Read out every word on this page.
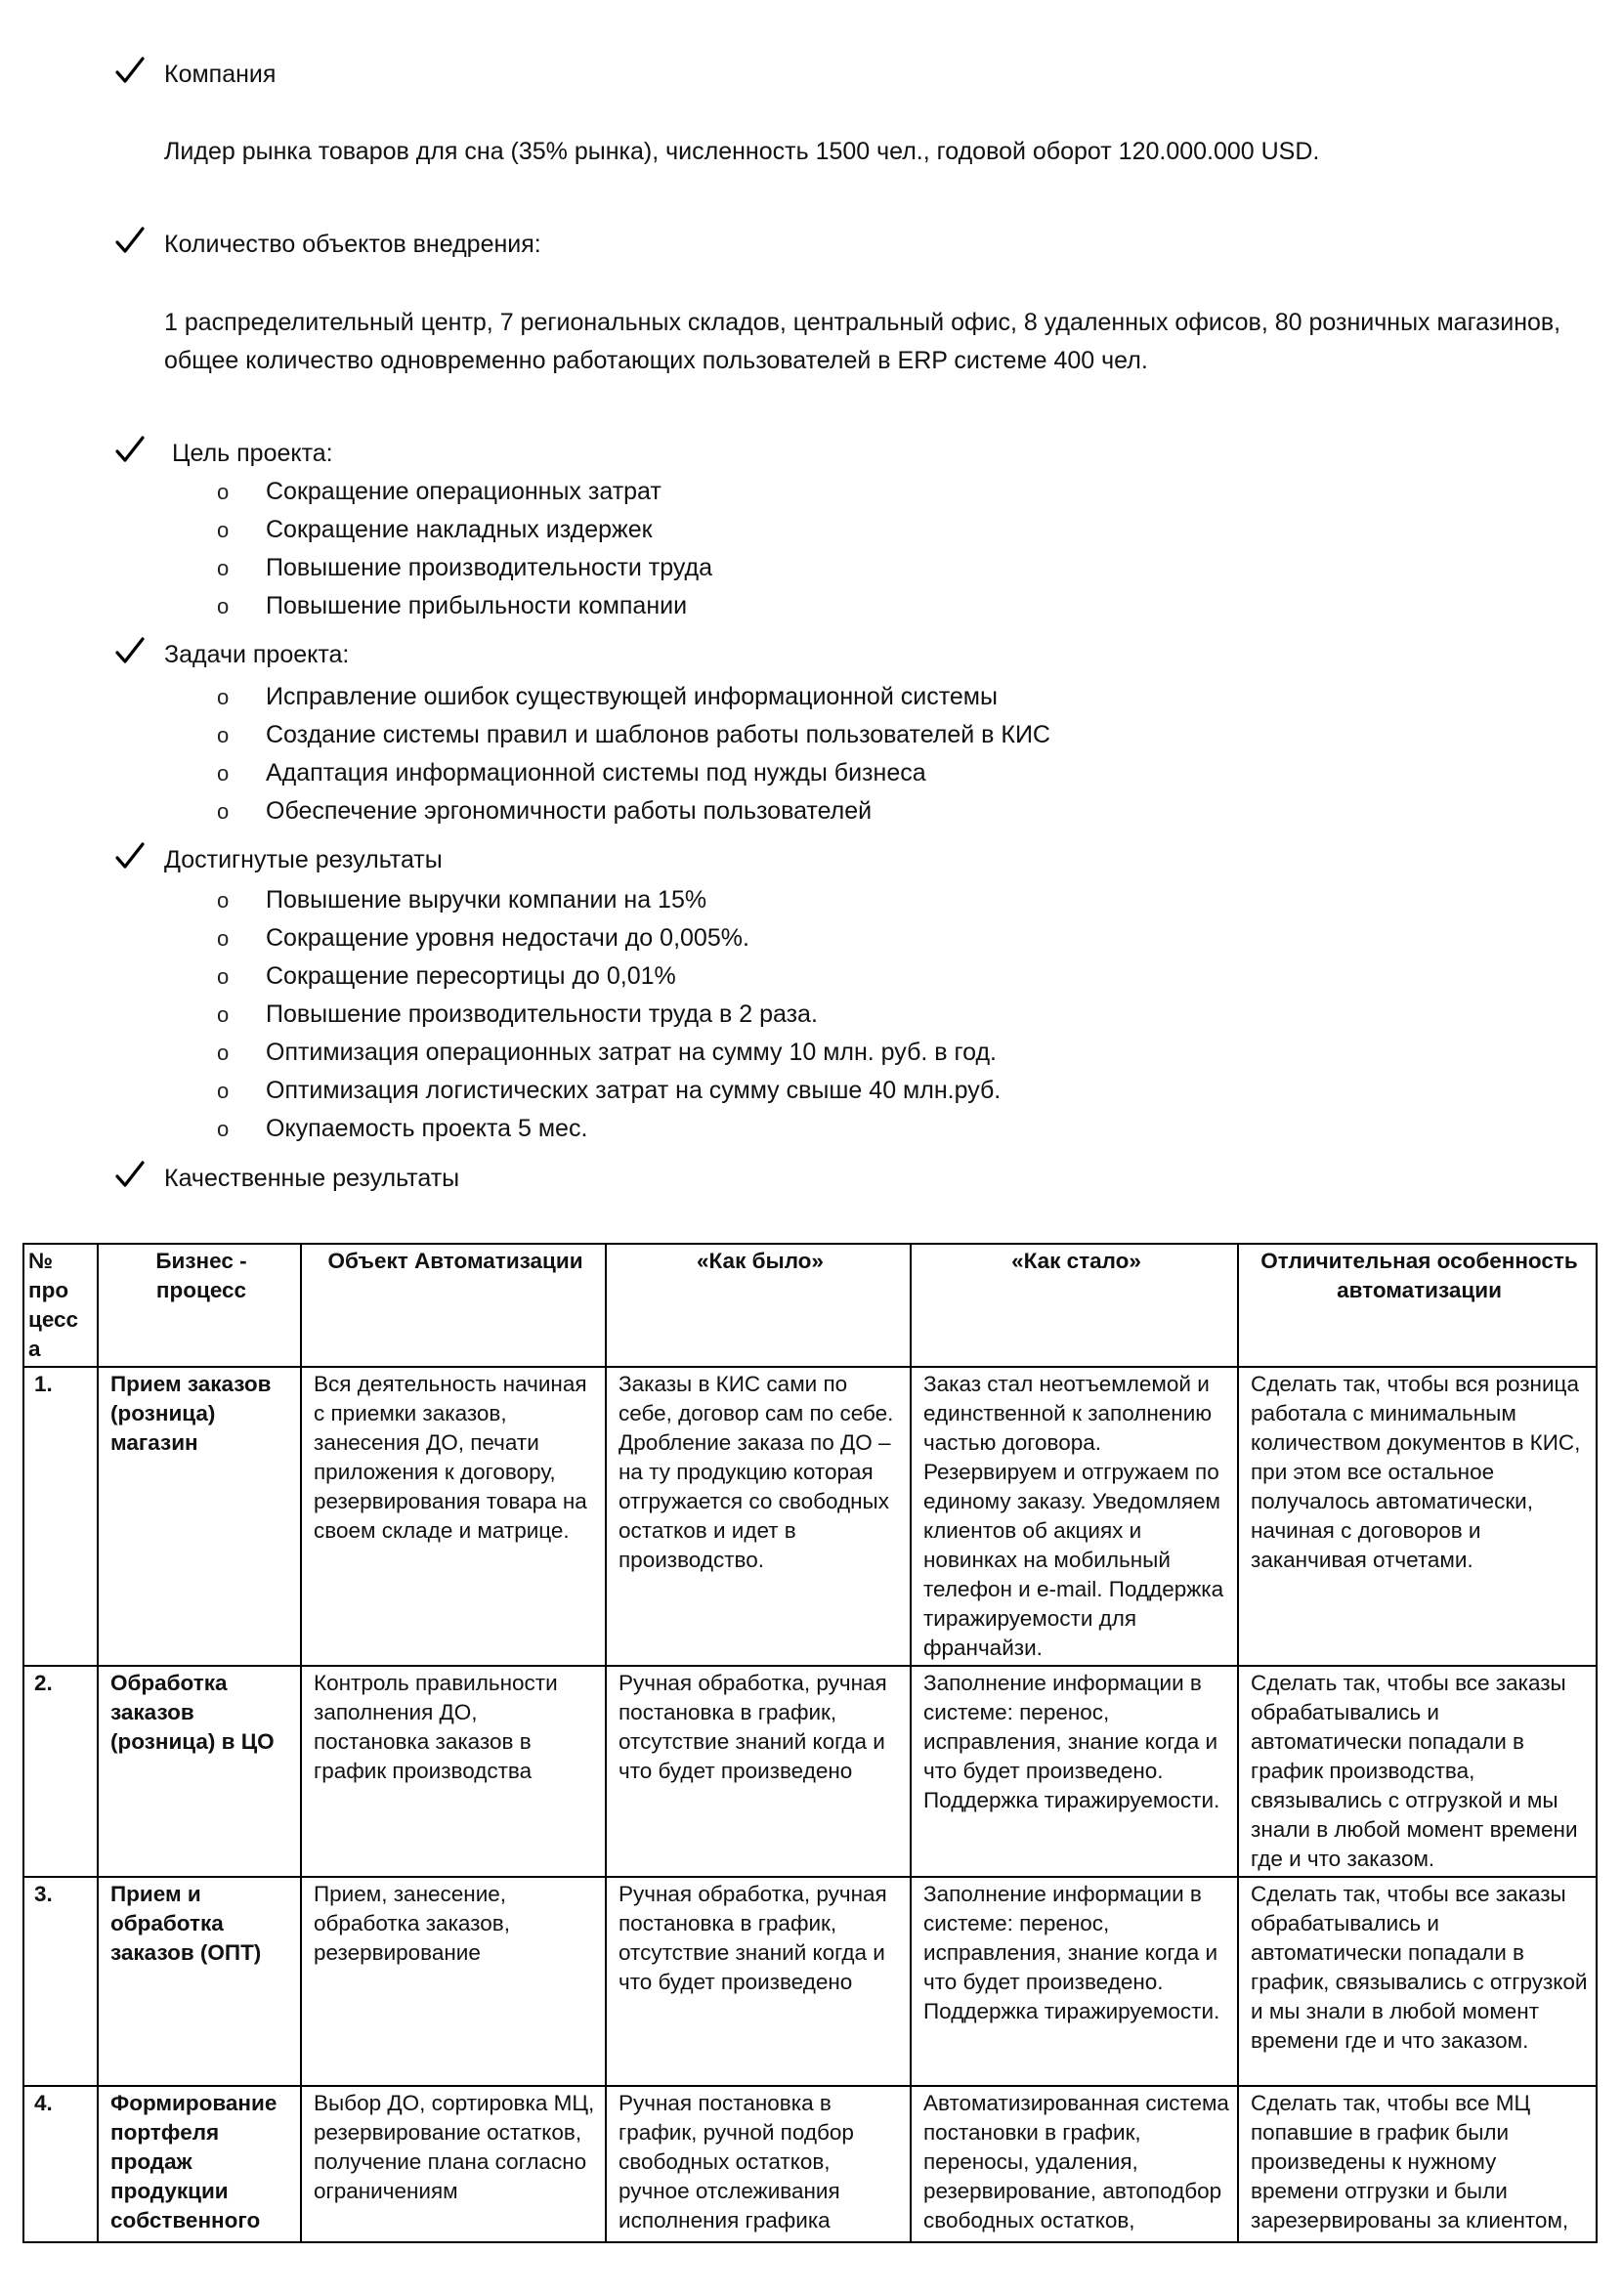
Компания
Лидер рынка товаров для сна (35% рынка), численность 1500 чел., годовой оборот 120.000.000 USD.
Количество объектов внедрения:
1 распределительный центр, 7 региональных складов, центральный офис, 8 удаленных офисов, 80 розничных магазинов,
общее количество одновременно работающих пользователей в ERP системе 400 чел.
Цель проекта:
o	Сокращение операционных затрат
o	Сокращение накладных издержек
o	Повышение производительности труда
o	Повышение прибыльности компании
Задачи проекта:
o	Исправление ошибок существующей информационной системы
o	Создание системы правил и шаблонов работы пользователей в КИС
o	Адаптация информационной системы под нужды бизнеса
o	Обеспечение эргономичности работы пользователей
Достигнутые результаты
o	Повышение выручки компании на 15%
o	Сокращение уровня недостачи до 0,005%.
o	Сокращение пересортицы до 0,01%
o	Повышение производительности труда в 2 раза.
o	Оптимизация операционных затрат на сумму 10 млн. руб. в год.
o	Оптимизация логистических затрат на сумму свыше 40 млн.руб.
o	Окупаемость проекта 5 мес.
Качественные результаты
№ про цесс а	Бизнес - процесс	Объект Автоматизации	«Как было»	«Как стало»	Отличительная особенность автоматизации
1.	Прием заказов (розница) магазин	Вся деятельность начиная с приемки заказов, занесения ДО, печати приложения к договору, резервирования товара на своем складе и матрице.	Заказы в КИС сами по себе, договор сам по себе. Дробление заказа по ДО – на ту продукцию которая отгружается со свободных остатков и идет в производство.	Заказ стал неотъемлемой и единственной к заполнению частью договора. Резервируем и отгружаем по единому заказу. Уведомляем клиентов об акциях и новинках на мобильный телефон и e-mail. Поддержка тиражируемости для франчайзи.	Сделать так, чтобы вся розница работала с минимальным количеством документов в КИС, при этом все остальное получалось автоматически, начиная с договоров и заканчивая отчетами.
2.	Обработка заказов (розница) в ЦО	Контроль правильности заполнения ДО, постановка заказов в график производства	Ручная обработка, ручная постановка в график, отсутствие знаний когда и что будет произведено	Заполнение информации в системе: перенос, исправления, знание когда и что будет произведено. Поддержка тиражируемости.	Сделать так, чтобы все заказы обрабатывались и автоматически попадали в график производства, связывались с отгрузкой и мы знали в любой момент времени где и что заказом.
3.	Прием и обработка заказов (ОПТ)	Прием, занесение, обработка заказов, резервирование	Ручная обработка, ручная постановка в график, отсутствие знаний когда и что будет произведено	Заполнение информации в системе: перенос, исправления, знание когда и что будет произведено. Поддержка тиражируемости.	Сделать так, чтобы все заказы обрабатывались и автоматически попадали в график, связывались с отгрузкой и мы знали в любой момент времени где и что заказом.
4.	Формирование портфеля продаж продукции собственного	Выбор ДО, сортировка МЦ, резервирование остатков, получение плана согласно ограничениям	Ручная постановка в график, ручной подбор свободных остатков, ручное отслеживания исполнения графика	Автоматизированная система постановки в график, переносы, удаления, резервирование, автоподбор свободных остатков,	Сделать так, чтобы все МЦ попавшие в график были произведены к нужному времени отгрузки и были зарезервированы за клиентом,
